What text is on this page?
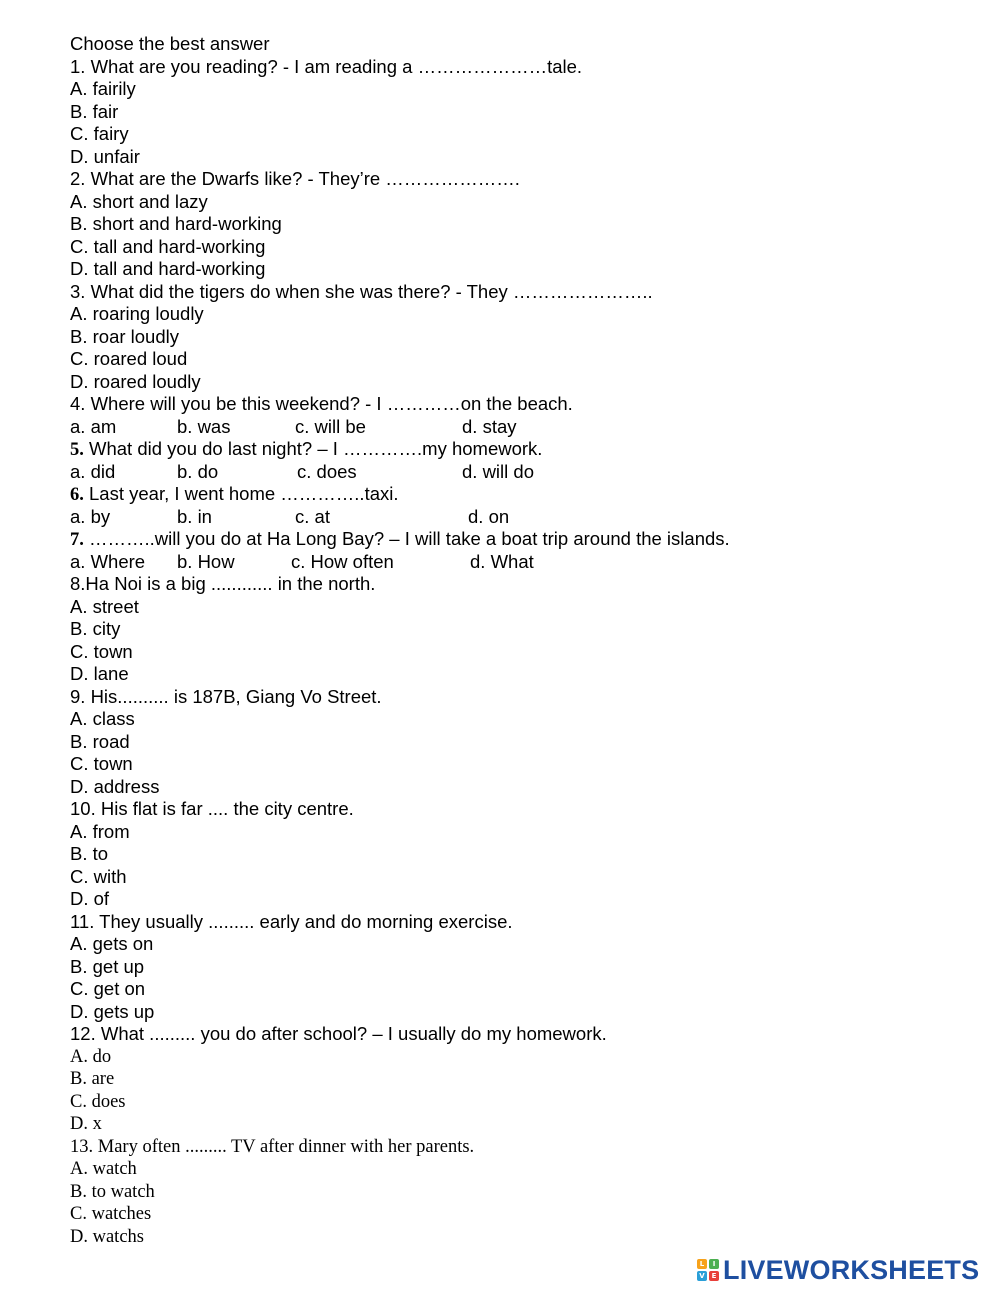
Choose the best answer
1. What are you reading? - I am reading a …………………tale.
A. fairily
B. fair
C. fairy
D. unfair
2. What are the Dwarfs like? - They’re ………………….
A. short and lazy
B. short and hard-working
C. tall and hard-working
D. tall and hard-working
3. What did the tigers do when she was there? - They …………………..
A. roaring loudly
B. roar loudly
C. roared loud
D. roared loudly
4. Where will you be this weekend? - I …………on the beach.
a. am	b. was	c. will be	d. stay
5. What did you do last night? – I ………….my homework.
a. did	b. do	c. does	d. will do
6. Last year, I went home …………..taxi.
a. by	b. in	c. at	d. on
7. ………..will you do at Ha Long Bay? – I will take a boat trip around the islands.
a. Where b. How	c. How often	d. What
8.Ha Noi is a big ............ in the north.
A. street
B. city
C. town
D. lane
9. His.......... is 187B, Giang Vo Street.
A. class
B. road
C. town
D. address
10. His flat is far .... the city centre.
A. from
B. to
C. with
D. of
11. They usually ......... early and do morning exercise.
A. gets on
B. get up
C. get on
D. gets up
12. What ......... you do after school? – I usually do my homework.
A. do
B. are
C. does
D. x
13. Mary often ......... TV after dinner with her parents.
A. watch
B. to watch
C. watches
D. watchs
L	I
V E LIVEWORKSHEETS
